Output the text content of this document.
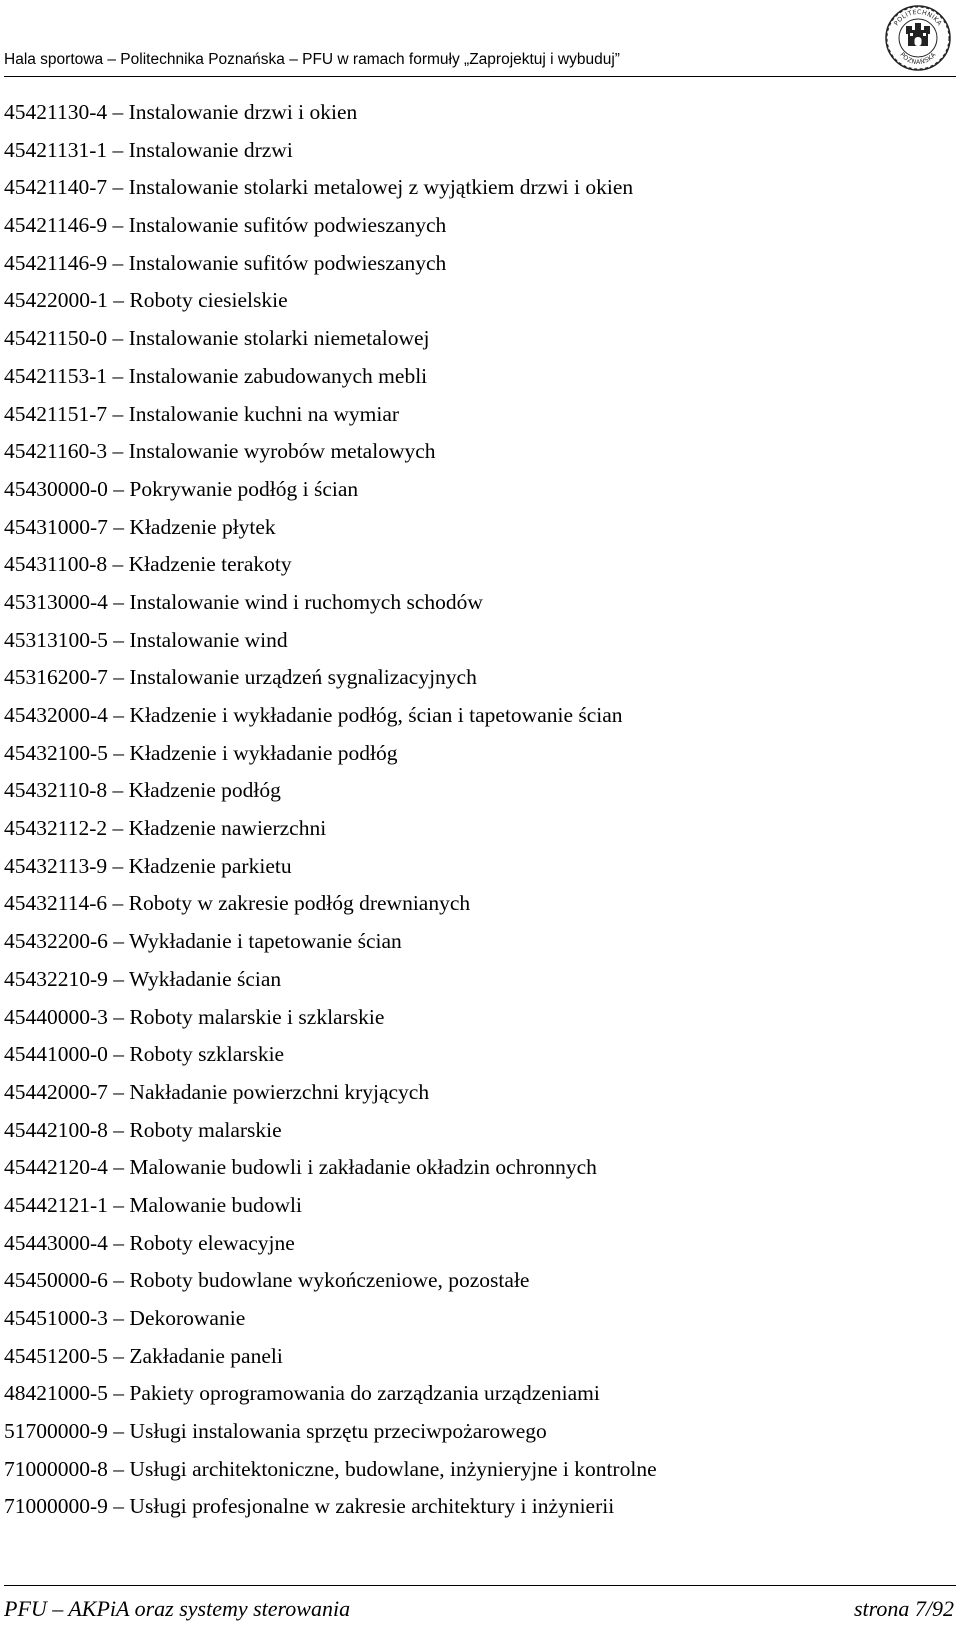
Hala sportowa – Politechnika Poznańska – PFU w ramach formuły „Zaprojektuj i wybuduj”
POLITECHNIKA
POZNAŃSKA
45421130-4 – Instalowanie drzwi i okien
45421131-1 – Instalowanie drzwi
45421140-7 – Instalowanie stolarki metalowej z wyjątkiem drzwi i okien
45421146-9 – Instalowanie sufitów podwieszanych
45421146-9 – Instalowanie sufitów podwieszanych
45422000-1 – Roboty ciesielskie
45421150-0 – Instalowanie stolarki niemetalowej
45421153-1 – Instalowanie zabudowanych mebli
45421151-7 – Instalowanie kuchni na wymiar
45421160-3 – Instalowanie wyrobów metalowych
45430000-0 – Pokrywanie podłóg i ścian
45431000-7 – Kładzenie płytek
45431100-8 – Kładzenie terakoty
45313000-4 – Instalowanie wind i ruchomych schodów
45313100-5 – Instalowanie wind
45316200-7 – Instalowanie urządzeń sygnalizacyjnych
45432000-4 – Kładzenie i wykładanie podłóg, ścian i tapetowanie ścian
45432100-5 – Kładzenie i wykładanie podłóg
45432110-8 – Kładzenie podłóg
45432112-2 – Kładzenie nawierzchni
45432113-9 – Kładzenie parkietu
45432114-6 – Roboty w zakresie podłóg drewnianych
45432200-6 – Wykładanie i tapetowanie ścian
45432210-9 – Wykładanie ścian
45440000-3 – Roboty malarskie i szklarskie
45441000-0 – Roboty szklarskie
45442000-7 – Nakładanie powierzchni kryjących
45442100-8 – Roboty malarskie
45442120-4 – Malowanie budowli i zakładanie okładzin ochronnych
45442121-1 – Malowanie budowli
45443000-4 – Roboty elewacyjne
45450000-6 – Roboty budowlane wykończeniowe, pozostałe
45451000-3 – Dekorowanie
45451200-5 – Zakładanie paneli
48421000-5 – Pakiety oprogramowania do zarządzania urządzeniami
51700000-9 – Usługi instalowania sprzętu przeciwpożarowego
71000000-8 – Usługi architektoniczne, budowlane, inżynieryjne i kontrolne
71000000-9 – Usługi profesjonalne w zakresie architektury i inżynierii
PFU – AKPiA oraz systemy sterowania	strona 7/92
